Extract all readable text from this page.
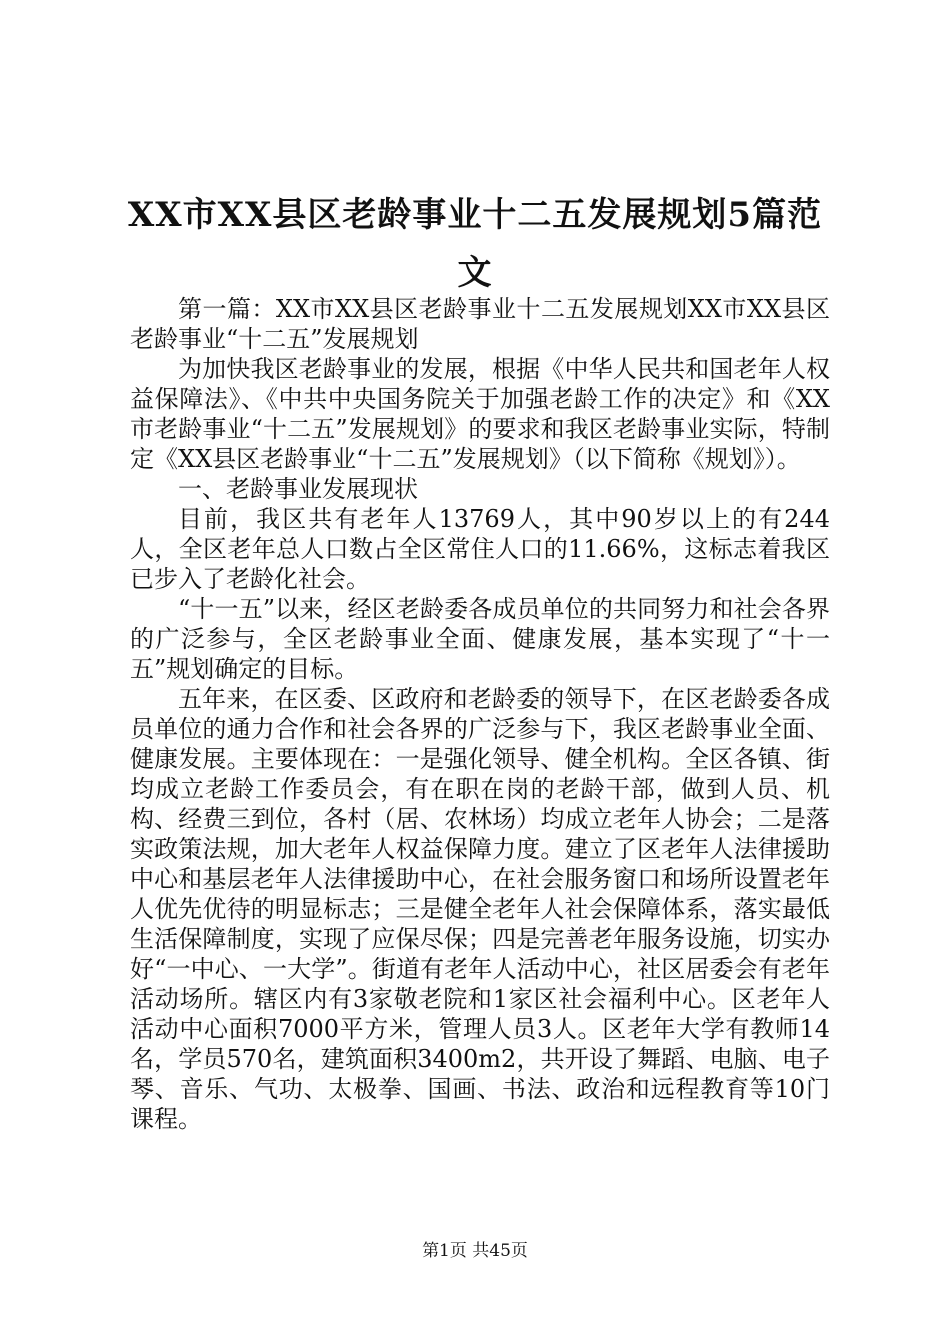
XX市XX县区老龄事业十二五发展规划5篇范文

第一篇：XX市XX县区老龄事业十二五发展规划XX市XX县区老龄事业“十二五”发展规划

为加快我区老龄事业的发展，根据《中华人民共和国老年人权益保障法》、《中共中央国务院关于加强老龄工作的决定》和《XX市老龄事业“十二五”发展规划》的要求和我区老龄事业实际，特制定《XX县区老龄事业“十二五”发展规划》（以下简称《规划》）。

一、老龄事业发展现状

目前，我区共有老年人13769人，其中90岁以上的有244人，全区老年总人口数占全区常住人口的11.66%，这标志着我区已步入了老龄化社会。

“十一五”以来，经区老龄委各成员单位的共同努力和社会各界的广泛参与，全区老龄事业全面、健康发展，基本实现了“十一五”规划确定的目标。

五年来，在区委、区政府和老龄委的领导下，在区老龄委各成员单位的通力合作和社会各界的广泛参与下，我区老龄事业全面、健康发展。主要体现在：一是强化领导、健全机构。全区各镇、街均成立老龄工作委员会，有在职在岗的老龄干部，做到人员、机构、经费三到位，各村（居、农林场）均成立老年人协会；二是落实政策法规，加大老年人权益保障力度。建立了区老年人法律援助中心和基层老年人法律援助中心，在社会服务窗口和场所设置老年人优先优待的明显标志；三是健全老年人社会保障体系，落实最低生活保障制度，实现了应保尽保；四是完善老年服务设施，切实办好“一中心、一大学”。街道有老年人活动中心，社区居委会有老年活动场所。辖区内有3家敬老院和1家区社会福利中心。区老年人活动中心面积7000平方米，管理人员3人。区老年大学有教师14名，学员570名，建筑面积3400m2，共开设了舞蹈、电脑、电子琴、音乐、气功、太极拳、国画、书法、政治和远程教育等10门课程。

第1页 共45页
